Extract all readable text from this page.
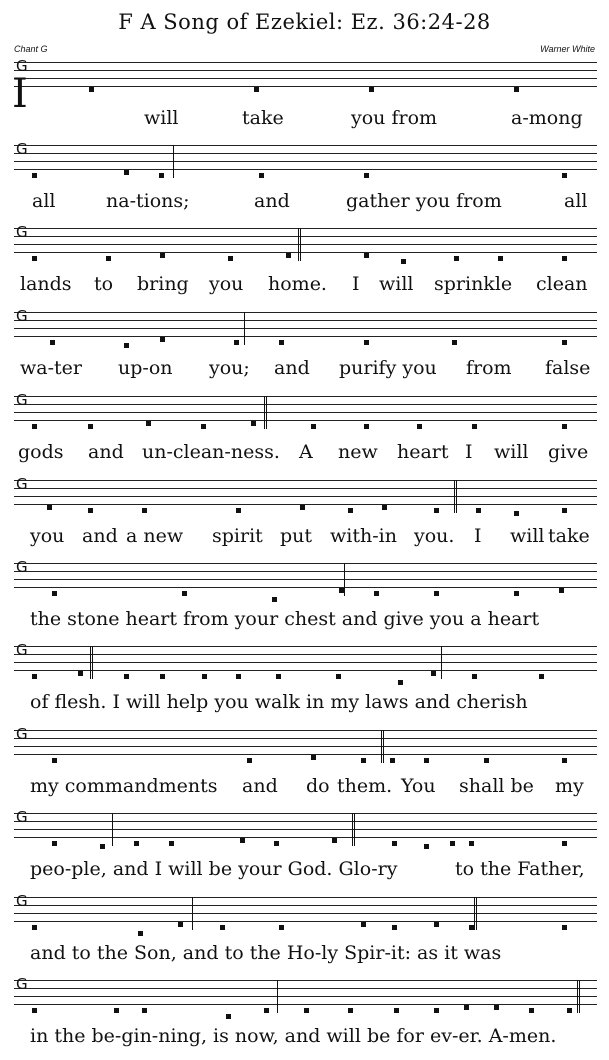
F A Song of Ezekiel: Ez. 36:24-28
Chant G	Warner White
G
I
will	take	you from	a-mong
G
all	na-tions;	and	gather you from	all
G
lands to bring you home. I will sprinkle clean
G
wa-ter up-on you; and purify you from false
G
gods and un-clean-ness. A new heart I will give
G
you and a new spirit put with-in you. I will take
G
the stone heart from your chest and give you a heart
G
of flesh. I will help you walk in my laws and cherish
G
my commandments and do them. You shall be my
G
peo-ple, and I will be your God. Glo-ry	to the Father,
G
and to the Son, and to the Ho-ly Spir-it: as it was
G
in the be-gin-ning, is now, and will be for ev-er. A-men.
